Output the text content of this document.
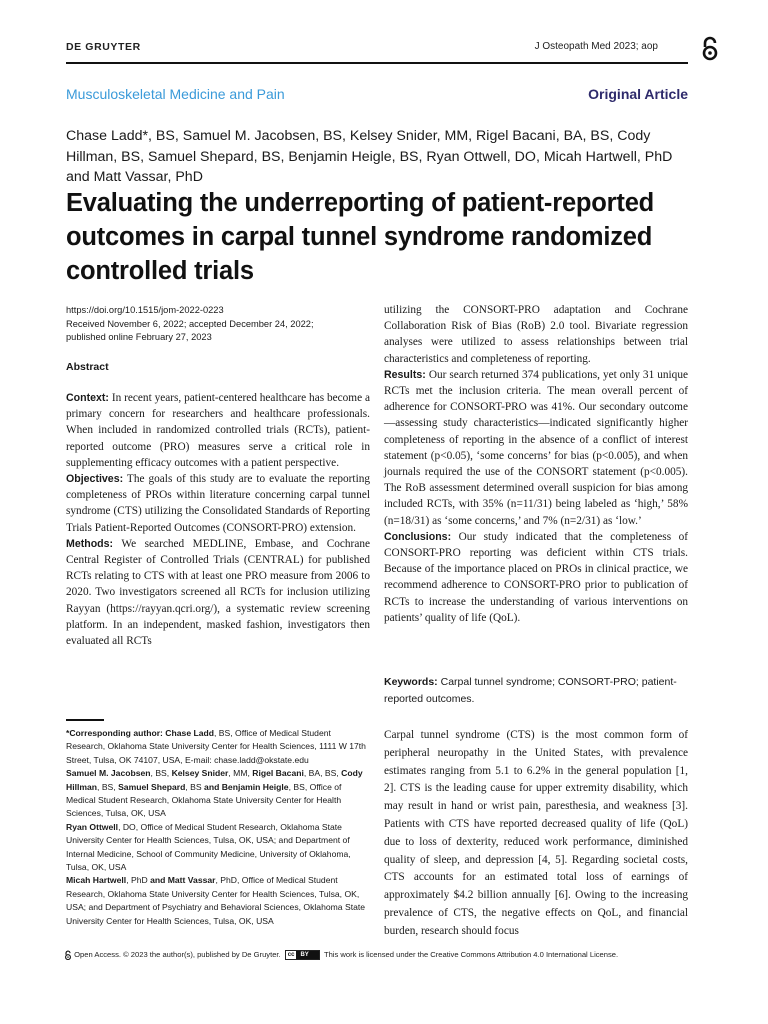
DE GRUYTER	J Osteopath Med 2023; aop
Musculoskeletal Medicine and Pain	Original Article
Chase Ladd*, BS, Samuel M. Jacobsen, BS, Kelsey Snider, MM, Rigel Bacani, BA, BS, Cody Hillman, BS, Samuel Shepard, BS, Benjamin Heigle, BS, Ryan Ottwell, DO, Micah Hartwell, PhD and Matt Vassar, PhD
Evaluating the underreporting of patient-reported outcomes in carpal tunnel syndrome randomized controlled trials
https://doi.org/10.1515/jom-2022-0223
Received November 6, 2022; accepted December 24, 2022;
published online February 27, 2023
Abstract

Context: In recent years, patient-centered healthcare has become a primary concern for researchers and healthcare professionals. When included in randomized controlled trials (RCTs), patient-reported outcome (PRO) measures serve a critical role in supplementing efficacy outcomes with a patient perspective.

Objectives: The goals of this study are to evaluate the reporting completeness of PROs within literature concerning carpal tunnel syndrome (CTS) utilizing the Consolidated Standards of Reporting Trials Patient-Reported Outcomes (CONSORT-PRO) extension.

Methods: We searched MEDLINE, Embase, and Cochrane Central Register of Controlled Trials (CENTRAL) for published RCTs relating to CTS with at least one PRO measure from 2006 to 2020. Two investigators screened all RCTs for inclusion utilizing Rayyan (https://rayyan.qcri.org/), a systematic review screening platform. In an independent, masked fashion, investigators then evaluated all RCTs

utilizing the CONSORT-PRO adaptation and Cochrane Collaboration Risk of Bias (RoB) 2.0 tool. Bivariate regression analyses were utilized to assess relationships between trial characteristics and completeness of reporting.

Results: Our search returned 374 publications, yet only 31 unique RCTs met the inclusion criteria. The mean overall percent of adherence for CONSORT-PRO was 41%. Our secondary outcome—assessing study characteristics—indicated significantly higher completeness of reporting in the absence of a conflict of interest statement (p<0.05), ‘some concerns’ for bias (p<0.005), and when journals required the use of the CONSORT statement (p<0.005). The RoB assessment determined overall suspicion for bias among included RCTs, with 35% (n=11/31) being labeled as ‘high,’ 58% (n=18/31) as ‘some concerns,’ and 7% (n=2/31) as ‘low.’

Conclusions: Our study indicated that the completeness of CONSORT-PRO reporting was deficient within CTS trials. Because of the importance placed on PROs in clinical practice, we recommend adherence to CONSORT-PRO prior to publication of RCTs to increase the understanding of various interventions on patients’ quality of life (QoL).

Keywords: Carpal tunnel syndrome; CONSORT-PRO; patient-reported outcomes.
Carpal tunnel syndrome (CTS) is the most common form of peripheral neuropathy in the United States, with prevalence estimates ranging from 5.1 to 6.2% in the general population [1, 2]. CTS is the leading cause for upper extremity disability, which may result in hand or wrist pain, paresthesia, and weakness [3]. Patients with CTS have reported decreased quality of life (QoL) due to loss of dexterity, reduced work performance, diminished quality of sleep, and depression [4, 5]. Regarding societal costs, CTS accounts for an estimated total loss of earnings of approximately $4.2 billion annually [6]. Owing to the increasing prevalence of CTS, the negative effects on QoL, and financial burden, research should focus

*Corresponding author: Chase Ladd, BS, Office of Medical Student Research, Oklahoma State University Center for Health Sciences, 1111 W 17th Street, Tulsa, OK 74107, USA, E-mail: chase.ladd@okstate.edu

Samuel M. Jacobsen, BS, Kelsey Snider, MM, Rigel Bacani, BA, BS, Cody Hillman, BS, Samuel Shepard, BS and Benjamin Heigle, BS, Office of Medical Student Research, Oklahoma State University Center for Health Sciences, Tulsa, OK, USA

Ryan Ottwell, DO, Office of Medical Student Research, Oklahoma State University Center for Health Sciences, Tulsa, OK, USA; and Department of Internal Medicine, School of Community Medicine, University of Oklahoma, Tulsa, OK, USA

Micah Hartwell, PhD and Matt Vassar, PhD, Office of Medical Student Research, Oklahoma State University Center for Health Sciences, Tulsa, OK, USA; and Department of Psychiatry and Behavioral Sciences, Oklahoma State University Center for Health Sciences, Tulsa, OK, USA

Open Access. © 2023 the author(s), published by De Gruyter.	cc	BY	This work is licensed under the Creative Commons Attribution 4.0 International License.
